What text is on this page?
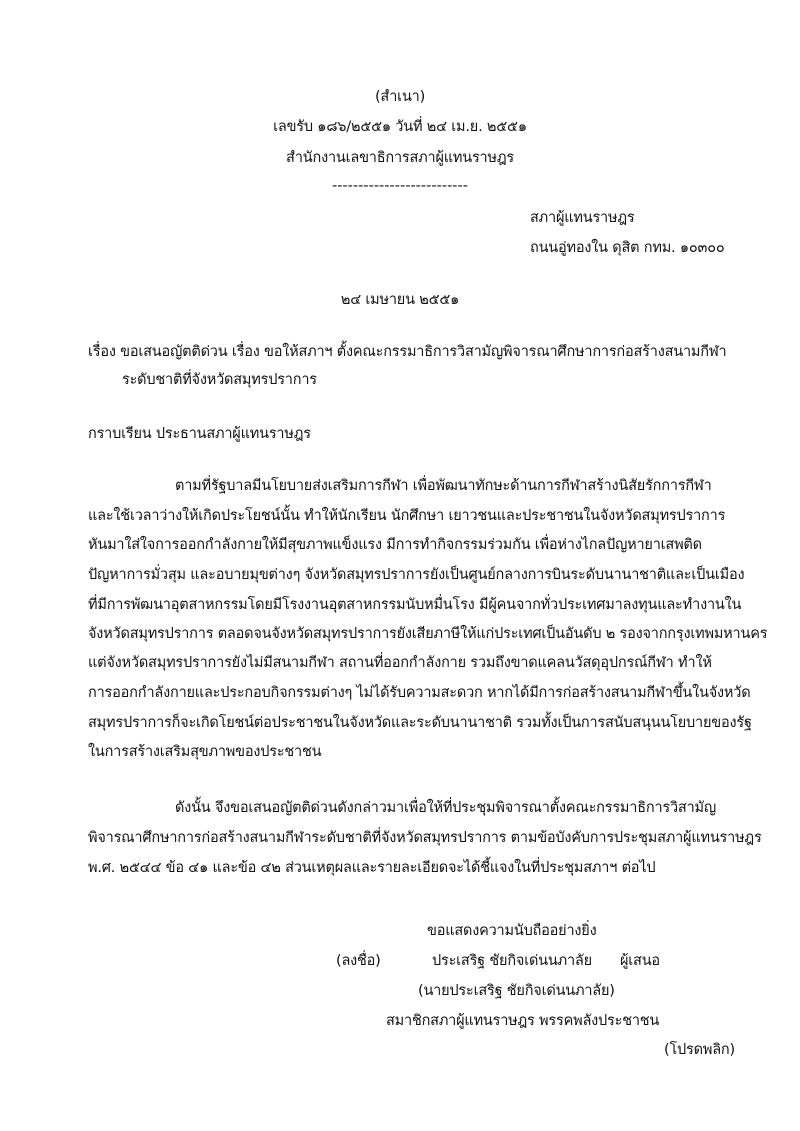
(สำเนา)
เลขรับ ๑๘๖/๒๕๕๑ วันที่ ๒๔ เม.ย. ๒๕๕๑
สำนักงานเลขาธิการสภาผู้แทนราษฎร
--------------------------
สภาผู้แทนราษฎร
ถนนอู่ทองใน ดุสิต กทม. ๑๐๓๐๐
๒๔ เมษายน ๒๕๕๑
เรื่อง ขอเสนอญัตติด่วน เรื่อง ขอให้สภาฯ ตั้งคณะกรรมาธิการวิสามัญพิจารณาศึกษาการก่อสร้างสนามกีฬา
ระดับชาติที่จังหวัดสมุทรปราการ
กราบเรียน ประธานสภาผู้แทนราษฎร
ตามที่รัฐบาลมีนโยบายส่งเสริมการกีฬา เพื่อพัฒนาทักษะด้านการกีฬาสร้างนิสัยรักการกีฬา
และใช้เวลาว่างให้เกิดประโยชน์นั้น ทำให้นักเรียน นักศึกษา เยาวชนและประชาชนในจังหวัดสมุทรปราการ
หันมาใส่ใจการออกกำลังกายให้มีสุขภาพแข็งแรง มีการทำกิจกรรมร่วมกัน เพื่อห่างไกลปัญหายาเสพติด
ปัญหาการมั่วสุม และอบายมุขต่างๆ จังหวัดสมุทรปราการยังเป็นศูนย์กลางการบินระดับนานาชาติและเป็นเมือง
ที่มีการพัฒนาอุตสาหกรรมโดยมีโรงงานอุตสาหกรรมนับหมื่นโรง มีผู้คนจากทั่วประเทศมาลงทุนและทำงานใน
จังหวัดสมุทรปราการ ตลอดจนจังหวัดสมุทรปราการยังเสียภาษีให้แก่ประเทศเป็นอันดับ ๒ รองจากกรุงเทพมหานคร
แต่จังหวัดสมุทรปราการยังไม่มีสนามกีฬา สถานที่ออกกำลังกาย รวมถึงขาดแคลนวัสดุอุปกรณ์กีฬา ทำให้
การออกกำลังกายและประกอบกิจกรรมต่างๆ ไม่ได้รับความสะดวก หากได้มีการก่อสร้างสนามกีฬาขึ้นในจังหวัด
สมุทรปราการก็จะเกิดโยชน์ต่อประชาชนในจังหวัดและระดับนานาชาติ รวมทั้งเป็นการสนับสนุนนโยบายของรัฐ
ในการสร้างเสริมสุขภาพของประชาชน
ดังนั้น จึงขอเสนอญัตติด่วนดังกล่าวมาเพื่อให้ที่ประชุมพิจารณาตั้งคณะกรรมาธิการวิสามัญ
พิจารณาศึกษาการก่อสร้างสนามกีฬาระดับชาติที่จังหวัดสมุทรปราการ ตามข้อบังคับการประชุมสภาผู้แทนราษฎร
พ.ศ. ๒๕๔๔ ข้อ ๔๑ และข้อ ๔๒ ส่วนเหตุผลและรายละเอียดจะได้ชี้แจงในที่ประชุมสภาฯ ต่อไป
ขอแสดงความนับถืออย่างยิ่ง
(ลงชื่อ)	ประเสริฐ ชัยกิจเด่นนภาลัย ผู้เสนอ
(นายประเสริฐ ชัยกิจเด่นนภาลัย)
สมาชิกสภาผู้แทนราษฎร พรรคพลังประชาชน
(โปรดพลิก)
